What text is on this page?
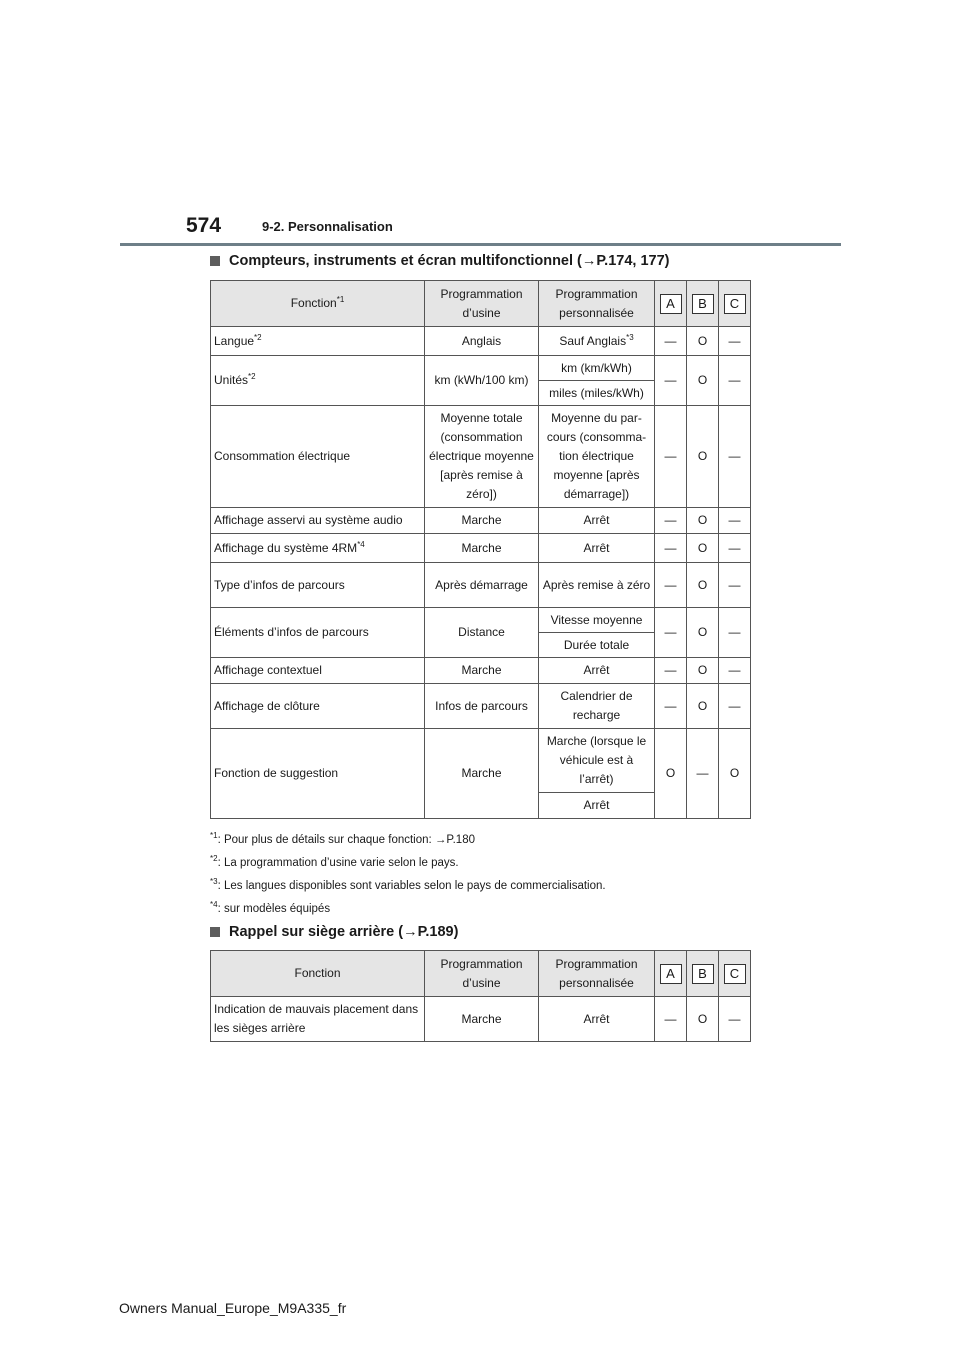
574	9-2. Personnalisation
Compteurs, instruments et écran multifonctionnel (→P.174, 177)
Fonction$^{*1}$	Programmation d’usine	Programmation personnalisée	A	B	C
Langue$^{*2}$	Anglais	Sauf Anglais$^{*3}$	—	O	—
Unités$^{*2}$	km (kWh/100 km)	km (km/kWh)	—	O	—
		miles (miles/kWh)			
Consommation électrique	Moyenne totale (consommation électrique moyenne [après remise à zéro])	Moyenne du par-cours (consomma-tion électrique moyenne [après démarrage])	—	O	—
Affichage asservi au système audio	Marche	Arrêt	—	O	—
Affichage du système 4RM$^{*4}$	Marche	Arrêt	—	O	—
Type d’infos de parcours	Après démarrage	Après remise à zéro	—	O	—
Éléments d’infos de parcours	Distance	Vitesse moyenne	—	O	—
		Durée totale			
Affichage contextuel	Marche	Arrêt	—	O	—
Affichage de clôture	Infos de parcours	Calendrier de recharge	—	O	—
Fonction de suggestion	Marche	Marche (lorsque le véhicule est à l’arrêt)	O	—	O
		Arrêt			
$^{*1}$: Pour plus de détails sur chaque fonction: →P.180
$^{*2}$: La programmation d’usine varie selon le pays.
$^{*3}$: Les langues disponibles sont variables selon le pays de commercialisation.
$^{*4}$: sur modèles équipés
Rappel sur siège arrière (→P.189)
Fonction	Programmation d’usine	Programmation personnalisée	A	B	C
Indication de mauvais placement dans les sièges arrière	Marche	Arrêt	—	O	—
Owners Manual_Europe_M9A335_fr
